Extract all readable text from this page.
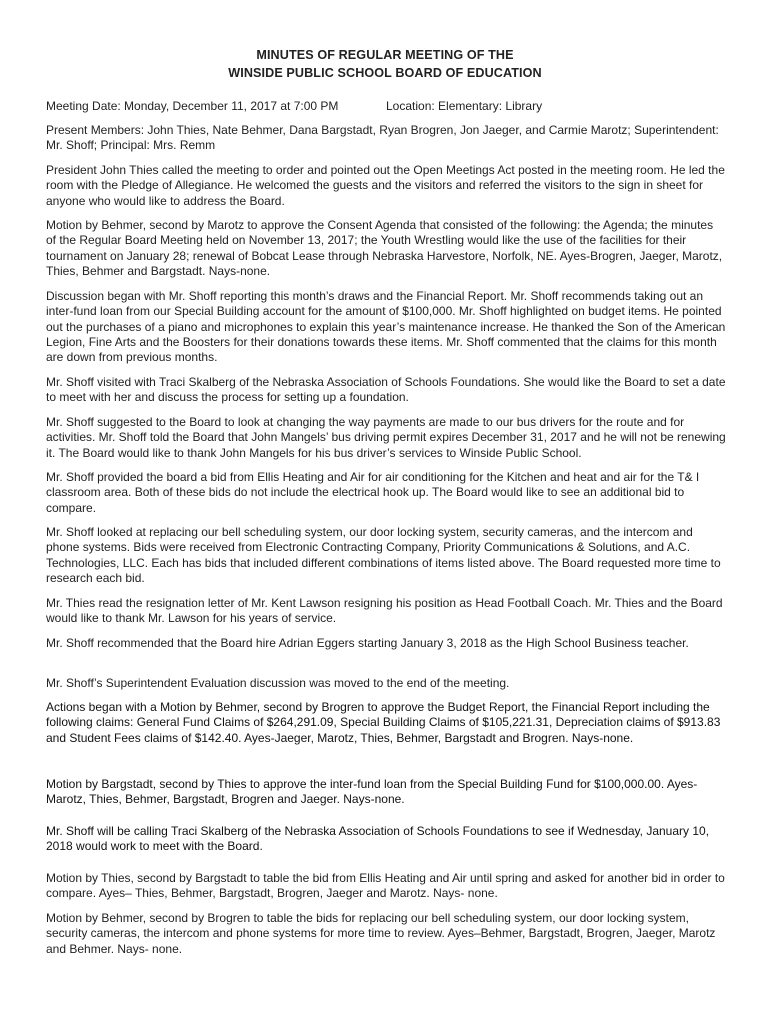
MINUTES OF REGULAR MEETING OF THE
WINSIDE PUBLIC SCHOOL BOARD OF EDUCATION
Meeting Date: Monday, December 11, 2017 at 7:00 PM	Location: Elementary: Library

Present Members: John Thies, Nate Behmer, Dana Bargstadt, Ryan Brogren, Jon Jaeger, and Carmie Marotz; Superintendent: Mr. Shoff; Principal: Mrs. Remm

President John Thies called the meeting to order and pointed out the Open Meetings Act posted in the meeting room. He led the room with the Pledge of Allegiance. He welcomed the guests and the visitors and referred the visitors to the sign in sheet for anyone who would like to address the Board.

Motion by Behmer, second by Marotz to approve the Consent Agenda that consisted of the following: the Agenda; the minutes of the Regular Board Meeting held on November 13, 2017; the Youth Wrestling would like the use of the facilities for their tournament on January 28; renewal of Bobcat Lease through Nebraska Harvestore, Norfolk, NE. Ayes-Brogren, Jaeger, Marotz, Thies, Behmer and Bargstadt. Nays-none.

Discussion began with Mr. Shoff reporting this month’s draws and the Financial Report. Mr. Shoff recommends taking out an inter-fund loan from our Special Building account for the amount of $100,000. Mr. Shoff highlighted on budget items. He pointed out the purchases of a piano and microphones to explain this year’s maintenance increase. He thanked the Son of the American Legion, Fine Arts and the Boosters for their donations towards these items. Mr. Shoff commented that the claims for this month are down from previous months.

Mr. Shoff visited with Traci Skalberg of the Nebraska Association of Schools Foundations. She would like the Board to set a date to meet with her and discuss the process for setting up a foundation.

Mr. Shoff suggested to the Board to look at changing the way payments are made to our bus drivers for the route and for activities. Mr. Shoff told the Board that John Mangels’ bus driving permit expires December 31, 2017 and he will not be renewing it. The Board would like to thank John Mangels for his bus driver’s services to Winside Public School.

Mr. Shoff provided the board a bid from Ellis Heating and Air for air conditioning for the Kitchen and heat and air for the T& I classroom area. Both of these bids do not include the electrical hook up. The Board would like to see an additional bid to compare.

Mr. Shoff looked at replacing our bell scheduling system, our door locking system, security cameras, and the intercom and phone systems. Bids were received from Electronic Contracting Company, Priority Communications & Solutions, and A.C. Technologies, LLC. Each has bids that included different combinations of items listed above. The Board requested more time to research each bid.

Mr. Thies read the resignation letter of Mr. Kent Lawson resigning his position as Head Football Coach. Mr. Thies and the Board would like to thank Mr. Lawson for his years of service.

Mr. Shoff recommended that the Board hire Adrian Eggers starting January 3, 2018 as the High School Business teacher.

Mr. Shoff’s Superintendent Evaluation discussion was moved to the end of the meeting.

Actions began with a Motion by Behmer, second by Brogren to approve the Budget Report, the Financial Report including the following claims: General Fund Claims of $264,291.09, Special Building Claims of $105,221.31, Depreciation claims of $913.83 and Student Fees claims of $142.40. Ayes-Jaeger, Marotz, Thies, Behmer, Bargstadt and Brogren. Nays-none.

Motion by Bargstadt, second by Thies to approve the inter-fund loan from the Special Building Fund for $100,000.00. Ayes- Marotz, Thies, Behmer, Bargstadt, Brogren and Jaeger. Nays-none.

Mr. Shoff will be calling Traci Skalberg of the Nebraska Association of Schools Foundations to see if Wednesday, January 10, 2018 would work to meet with the Board.

Motion by Thies, second by Bargstadt to table the bid from Ellis Heating and Air until spring and asked for another bid in order to compare. Ayes– Thies, Behmer, Bargstadt, Brogren, Jaeger and Marotz. Nays- none.

Motion by Behmer, second by Brogren to table the bids for replacing our bell scheduling system, our door locking system, security cameras, the intercom and phone systems for more time to review. Ayes–Behmer, Bargstadt, Brogren, Jaeger, Marotz and Behmer. Nays- none.
